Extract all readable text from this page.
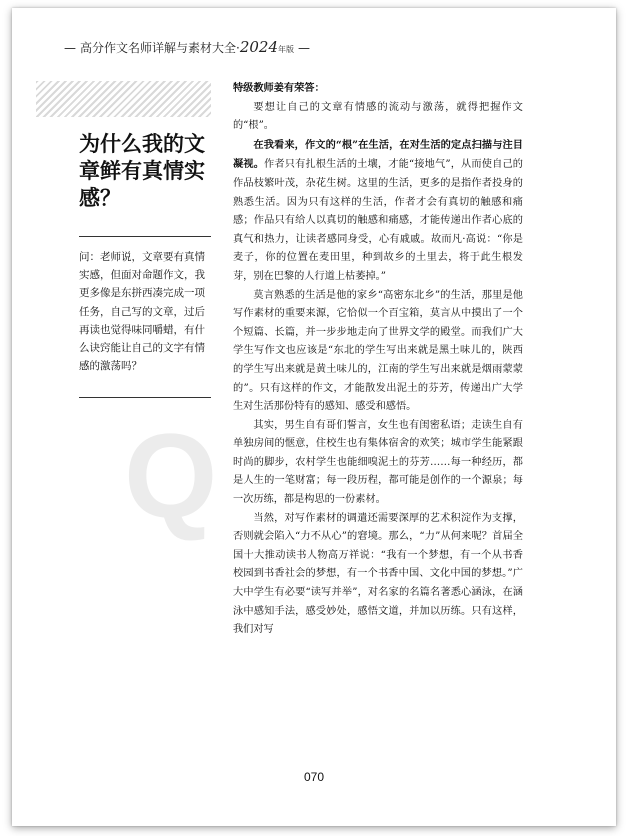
— 高分作文名师详解与素材大全·2024年版 —
为什么我的文章鲜有真情实感？
问：老师说，文章要有真情实感，但面对命题作文，我更多像是东拼西凑完成一项任务，自己写的文章，过后再读也觉得味同嚼蜡，有什么诀窍能让自己的文字有情感的激荡吗？
Q
特级教师姜有荣答：

要想让自己的文章有情感的流动与激荡，就得把握作文的“根”。

在我看来，作文的“根”在生活，在对生活的定点扫描与注目凝视。作者只有扎根生活的土壤，才能“接地气”，从而使自己的作品枝繁叶茂，杂花生树。这里的生活，更多的是指作者投身的熟悉生活。因为只有这样的生活，作者才会有真切的触感和痛感；作品只有给人以真切的触感和痛感，才能传递出作者心底的真气和热力，让读者感同身受，心有戚戚。故而凡·高说：“你是麦子，你的位置在麦田里，种到故乡的土里去，将于此生根发芽，别在巴黎的人行道上枯萎掉。”

莫言熟悉的生活是他的家乡“高密东北乡”的生活，那里是他写作素材的重要来源，它恰似一个百宝箱，莫言从中摸出了一个个短篇、长篇，并一步步地走向了世界文学的殿堂。而我们广大学生写作文也应该是“东北的学生写出来就是黑土味儿的，陕西的学生写出来就是黄土味儿的，江南的学生写出来就是烟雨蒙蒙的”。只有这样的作文，才能散发出泥土的芬芳，传递出广大学生对生活那份特有的感知、感受和感悟。

其实，男生自有哥们誓言，女生也有闺密私语；走读生自有单独房间的惬意，住校生也有集体宿舍的欢笑；城市学生能紧跟时尚的脚步，农村学生也能细嗅泥土的芬芳……每一种经历，都是人生的一笔财富；每一段历程，都可能是创作的一个源泉；每一次历练，都是构思的一份素材。

当然，对写作素材的调遣还需要深厚的艺术积淀作为支撑，否则就会陷入“力不从心”的窘境。那么，“力”从何来呢？首届全国十大推动读书人物高万祥说：“我有一个梦想，有一个从书香校园到书香社会的梦想，有一个书香中国、文化中国的梦想。”广大中学生有必要“读写并举”，对名家的名篇名著悉心涵泳，在涵泳中感知手法，感受妙处，感悟文道，并加以历练。只有这样，我们对写

070
